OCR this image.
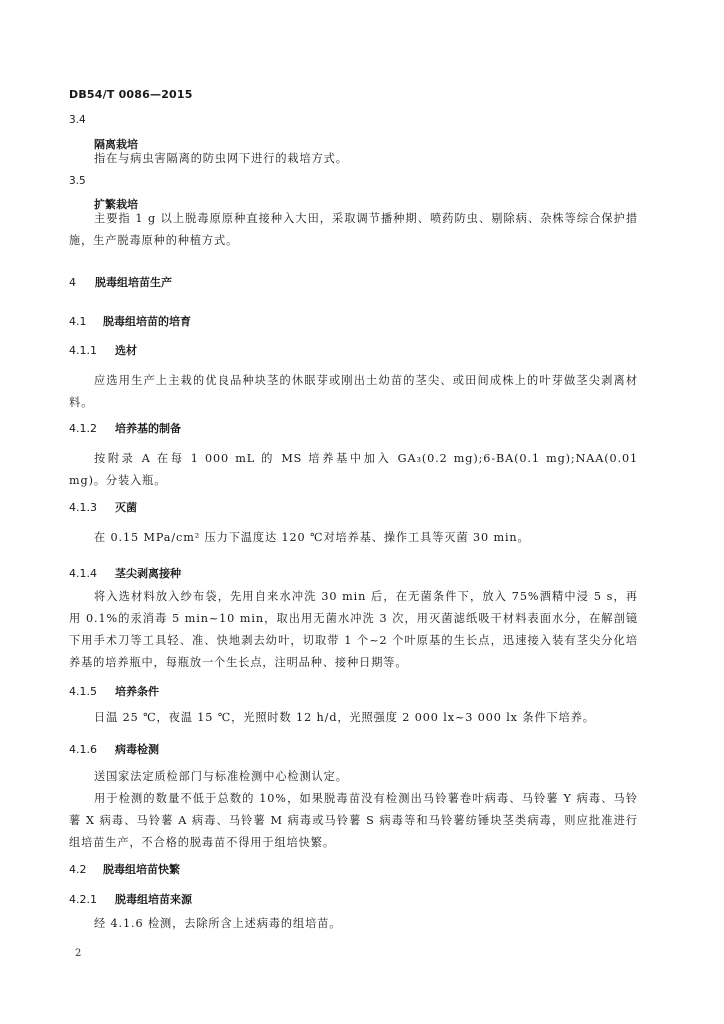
DB54/T 0086—2015
3.4
隔离栽培
指在与病虫害隔离的防虫网下进行的栽培方式。
3.5
扩繁栽培
主要指 1 g 以上脱毒原原种直接种入大田，采取调节播种期、喷药防虫、剔除病、杂株等综合保护措施，生产脱毒原种的种植方式。
4 脱毒组培苗生产
4.1 脱毒组培苗的培育
4.1.1 选材
应选用生产上主栽的优良品种块茎的休眠芽或刚出土幼苗的茎尖、或田间成株上的叶芽做茎尖剥离材料。
4.1.2 培养基的制备
按附录 A 在每 1 000 mL 的 MS 培养基中加入 GA₃(0.2 mg);6-BA(0.1 mg);NAA(0.01 mg)。分装入瓶。
4.1.3 灭菌
在 0.15 MPa/cm² 压力下温度达 120 ℃对培养基、操作工具等灭菌 30 min。
4.1.4 茎尖剥离接种
将入选材料放入纱布袋，先用自来水冲洗 30 min 后，在无菌条件下，放入 75%酒精中浸 5 s，再用 0.1%的汞消毒 5 min~10 min，取出用无菌水冲洗 3 次，用灭菌滤纸吸干材料表面水分，在解剖镜下用手术刀等工具轻、准、快地剥去幼叶，切取带 1 个~2 个叶原基的生长点，迅速接入装有茎尖分化培养基的培养瓶中，每瓶放一个生长点，注明品种、接种日期等。
4.1.5 培养条件
日温 25 ℃，夜温 15 ℃，光照时数 12 h/d，光照强度 2 000 lx~3 000 lx 条件下培养。
4.1.6 病毒检测
送国家法定质检部门与标准检测中心检测认定。
用于检测的数量不低于总数的 10%，如果脱毒苗没有检测出马铃薯卷叶病毒、马铃薯 Y 病毒、马铃薯 X 病毒、马铃薯 A 病毒、马铃薯 M 病毒或马铃薯 S 病毒等和马铃薯纺锤块茎类病毒，则应批准进行组培苗生产，不合格的脱毒苗不得用于组培快繁。
4.2 脱毒组培苗快繁
4.2.1 脱毒组培苗来源
经 4.1.6 检测，去除所含上述病毒的组培苗。
2
